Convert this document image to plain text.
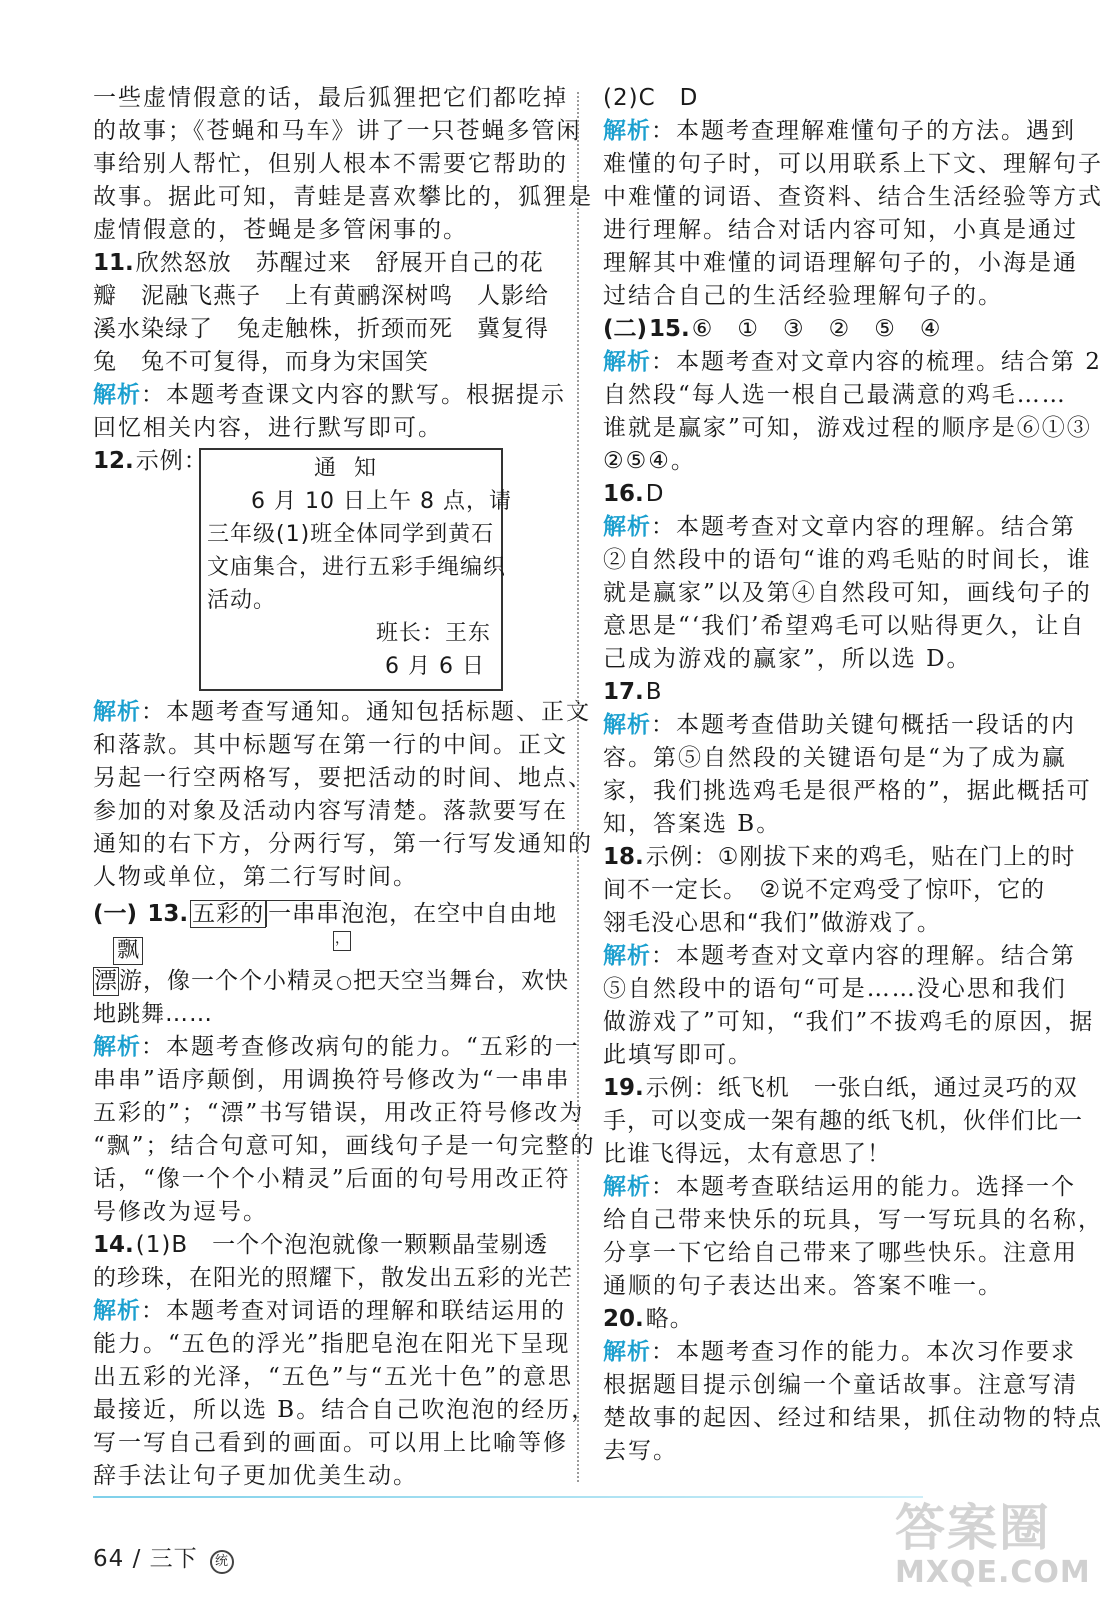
一些虚情假意的话，最后狐狸把它们都吃掉
的故事；《苍蝇和马车》讲了一只苍蝇多管闲
事给别人帮忙，但别人根本不需要它帮助的
故事。据此可知，青蛙是喜欢攀比的，狐狸是
虚情假意的，苍蝇是多管闲事的。
11.欣然怒放　苏醒过来　舒展开自己的花
瓣　泥融飞燕子　上有黄鹂深树鸣　人影给
溪水染绿了　兔走触株，折颈而死　冀复得
兔　兔不可复得，而身为宋国笑
解析：本题考查课文内容的默写。根据提示
回忆相关内容，进行默写即可。
12.示例：	通知
6 月 10 日上午 8 点，请
三年级(1)班全体同学到黄石
文庙集合，进行五彩手绳编织
活动。
班长：王东
6 月 6 日
解析：本题考查写通知。通知包括标题、正文
和落款。其中标题写在第一行的中间。正文
另起一行空两格写，要把活动的时间、地点、
参加的对象及活动内容写清楚。落款要写在
通知的右下方，分两行写，第一行写发通知的
人物或单位，第二行写时间。
(一) 13. 五彩的 一串串泡泡，在空中自由地
飘	，
漂游，像一个个小精灵 把天空当舞台，欢快
地跳舞……
解析：本题考查修改病句的能力。“五彩的一
串串”语序颠倒，用调换符号修改为“一串串
五彩的”；“漂”书写错误，用改正符号修改为
“飘”；结合句意可知，画线句子是一句完整的
话，“像一个个小精灵”后面的句号用改正符
号修改为逗号。
14.(1)B　一个个泡泡就像一颗颗晶莹剔透
的珍珠，在阳光的照耀下，散发出五彩的光芒
解析：本题考查对词语的理解和联结运用的
能力。“五色的浮光”指肥皂泡在阳光下呈现
出五彩的光泽，“五色”与“五光十色”的意思
最接近，所以选 B。结合自己吹泡泡的经历，
写一写自己看到的画面。可以用上比喻等修
辞手法让句子更加优美生动。
(2)C　D
解析：本题考查理解难懂句子的方法。遇到
难懂的句子时，可以用联系上下文、理解句子
中难懂的词语、查资料、结合生活经验等方式
进行理解。结合对话内容可知，小真是通过
理解其中难懂的词语理解句子的，小海是通
过结合自己的生活经验理解句子的。
(二)15.⑥　①　③　②　⑤　④
解析：本题考查对文章内容的梳理。结合第 2
自然段“每人选一根自己最满意的鸡毛……
谁就是赢家”可知，游戏过程的顺序是⑥①③
②⑤④。
16.D
解析：本题考查对文章内容的理解。结合第
②自然段中的语句“谁的鸡毛贴的时间长，谁
就是赢家”以及第④自然段可知，画线句子的
意思是“‘我们’希望鸡毛可以贴得更久，让自
己成为游戏的赢家”，所以选 D。
17.B
解析：本题考查借助关键句概括一段话的内
容。第⑤自然段的关键语句是“为了成为赢
家，我们挑选鸡毛是很严格的”，据此概括可
知，答案选 B。
18.示例：①刚拔下来的鸡毛，贴在门上的时
间不一定长。　②说不定鸡受了惊吓，它的
翎毛没心思和“我们”做游戏了。
解析：本题考查对文章内容的理解。结合第
⑤自然段中的语句“可是……没心思和我们
做游戏了”可知，“我们”不拔鸡毛的原因，据
此填写即可。
19.示例：纸飞机　一张白纸，通过灵巧的双
手，可以变成一架有趣的纸飞机，伙伴们比一
比谁飞得远，太有意思了！
解析：本题考查联结运用的能力。选择一个
给自己带来快乐的玩具，写一写玩具的名称，
分享一下它给自己带来了哪些快乐。注意用
通顺的句子表达出来。答案不唯一。
20.略。
解析：本题考查习作的能力。本次习作要求
根据题目提示创编一个童话故事。注意写清
楚故事的起因、经过和结果，抓住动物的特点
去写。
64 / 三下 统
答案圈
MXQE.COM
